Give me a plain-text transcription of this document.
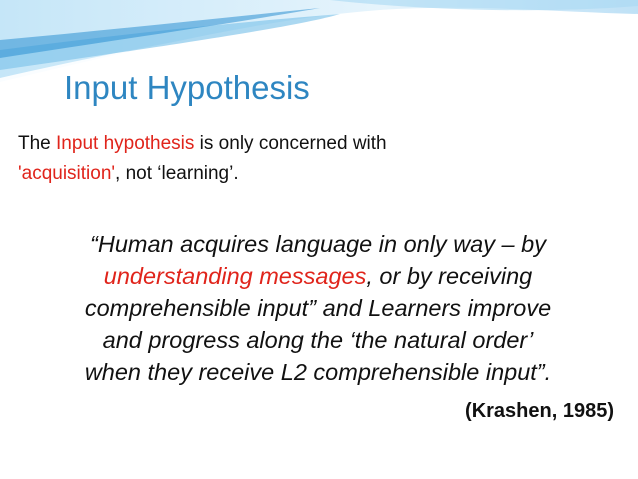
Input Hypothesis

The Input hypothesis is only concerned with
'acquisition', not ‘learning’.

“Human acquires language in only way – by
understanding messages, or by receiving
comprehensible input” and Learners improve
and progress along the ‘the natural order’
when they receive L2 comprehensible input”.

(Krashen, 1985)
